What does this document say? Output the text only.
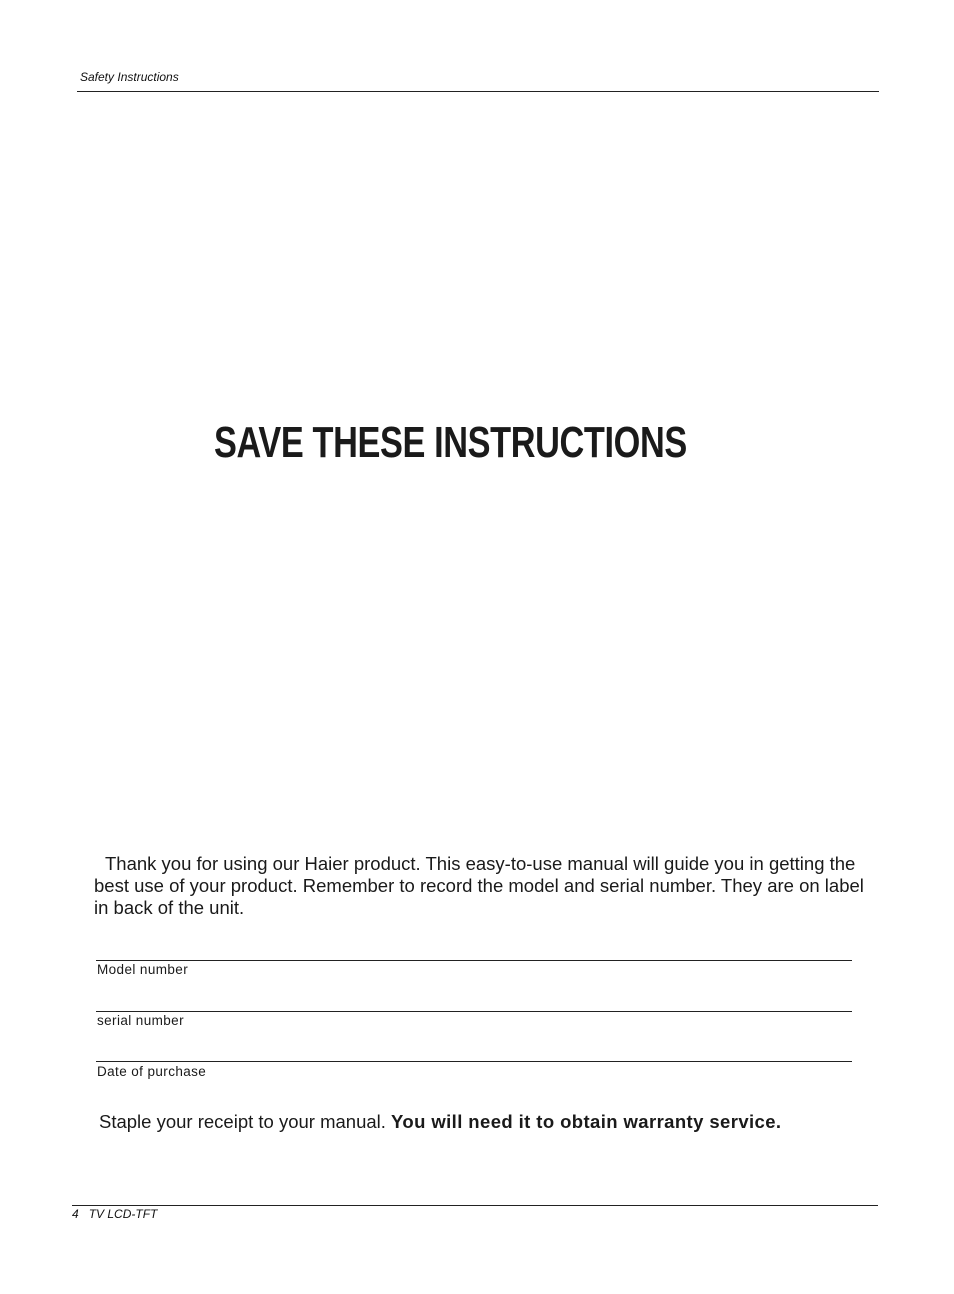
Safety Instructions
SAVE THESE INSTRUCTIONS

Thank you for using our Haier product. This easy-to-use manual will guide you in getting the best use of your product. Remember to record the model and serial number. They are on label in back of the unit.

Model number
serial number
Date of purchase
Staple your receipt to your manual. You will need it to obtain warranty service.
4 TV LCD-TFT
